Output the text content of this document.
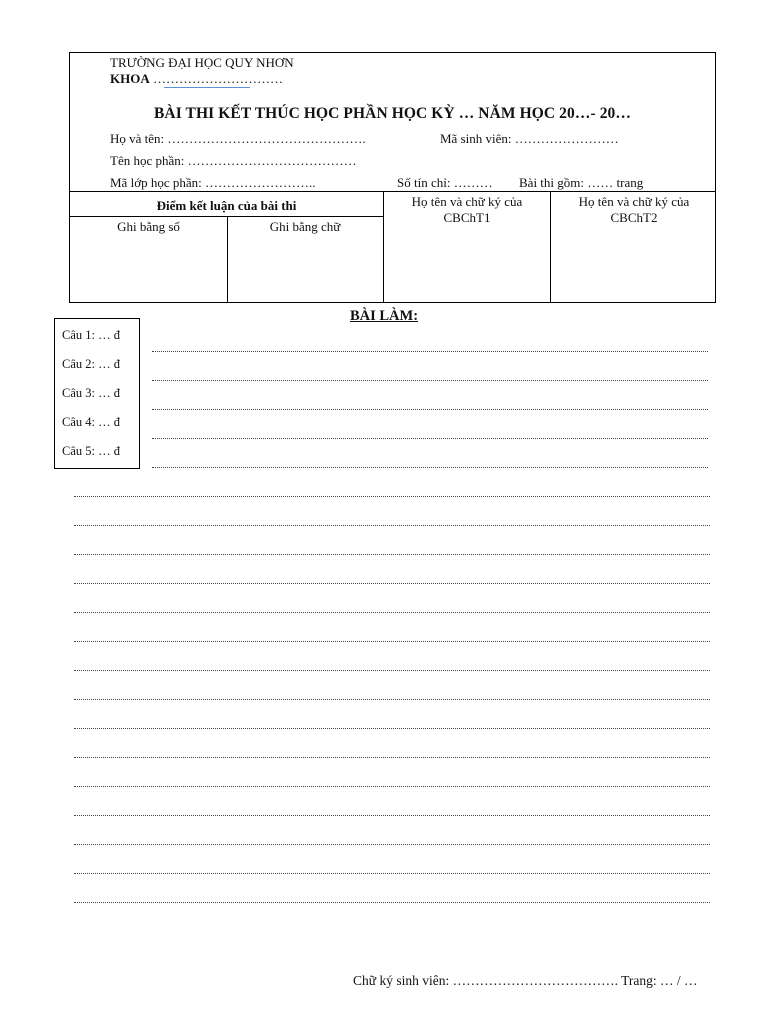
TRƯỜNG ĐẠI HỌC QUY NHƠN
KHOA …………………………
BÀI THI KẾT THÚC HỌC PHẦN HỌC KỲ … NĂM HỌC 20…- 20…
Họ và tên: ……………………………………….	Mã sinh viên: ……………………
Tên học phần: …………………………………
Mã lớp học phần: ……………………..	Số tín chỉ: ……… Bài thi gồm: …… trang
Điểm kết luận của bài thi
Ghi bằng số	Ghi bằng chữ
Họ tên và chữ ký của CBChT1
Họ tên và chữ ký của CBChT2
BÀI LÀM:
Câu 1: … đ
Câu 2: … đ
Câu 3: … đ
Câu 4: … đ
Câu 5: … đ
Chữ ký sinh viên: ………………………………. Trang: … / …
